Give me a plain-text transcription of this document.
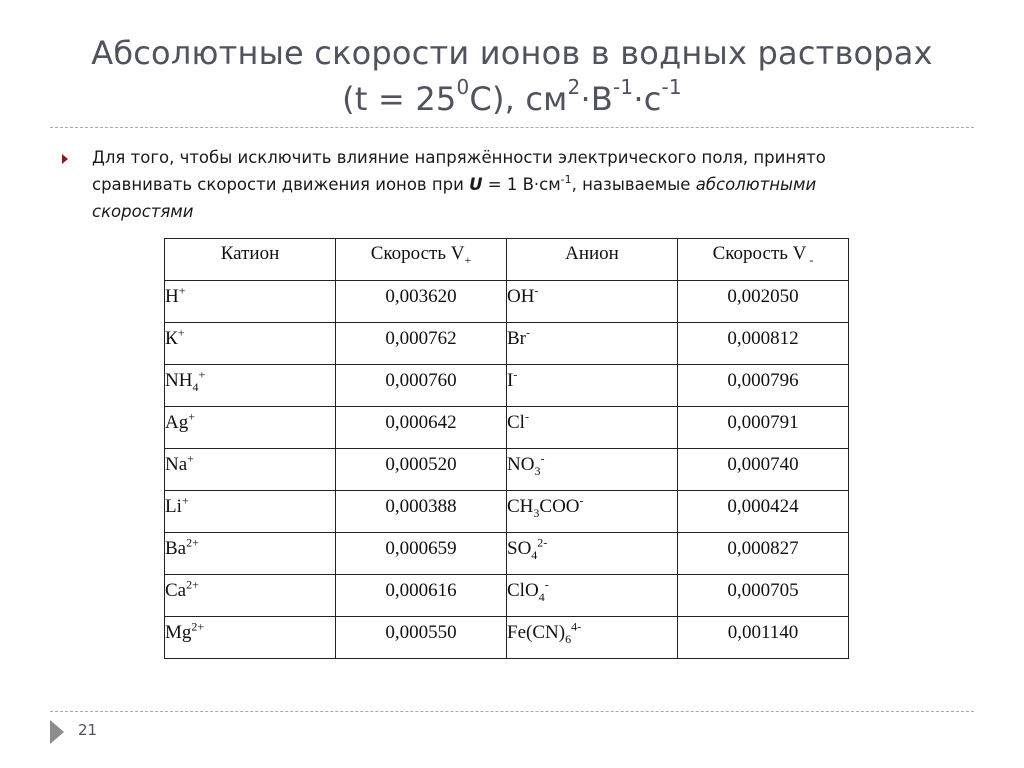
Абсолютные скорости ионов в водных растворах
$(t = 25^0C)$, $см^2\cdot В^{-1}\cdot с^{-1}$
Для того, чтобы исключить влияние напряжённости электрического поля, принято сравнивать скорости движения ионов при U = 1 $В\cdot см^{-1}$, называемые абсолютными скоростями
Катион	Скорость $V_+$	Анион	Скорость V $_-$
H+	0,003620	OH-	0,002050
К+	0,000762	Br-	0,000812
$NH_4^+$	0,000760	I-	0,000796
Ag+	0,000642	Cl-	0,000791
Na+	0,000520	$NO_3^-$	0,000740
Li+	0,000388	$CH_3COO^-$	0,000424
$Ba^{2+}$	0,000659	$SO_4^{2-}$	0,000827
$Ca^{2+}$	0,000616	ClO$_4$-	0,000705
$Mg^{2+}$	0,000550	$Fe(CN)_6^{4-}$	0,001140
21
